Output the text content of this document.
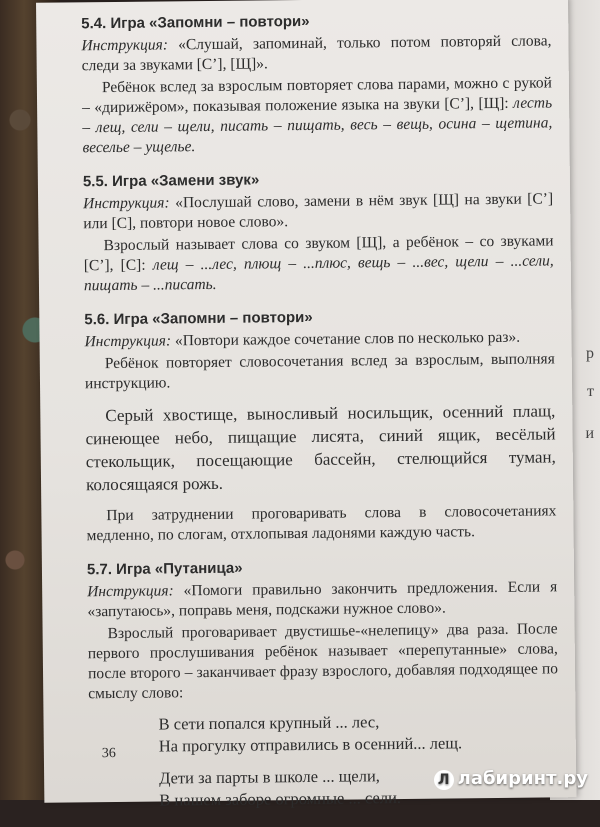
р
т
и

5.4. Игра «Запомни – повтори»

Инструкция: «Слушай, запоминай, только потом повторяй слова, следи за звуками [С’], [Щ]».

Ребёнок вслед за взрослым повторяет слова парами, можно с рукой – «дирижёром», показывая положение языка на звуки [С’], [Щ]: лесть – лещ, сели – щели, писать – пищать, весь – вещь, осина – щетина, веселье – ущелье.

5.5. Игра «Замени звук»

Инструкция: «Послушай слово, замени в нём звук [Щ] на звуки [С’] или [С], повтори новое слово».

Взрослый называет слова со звуком [Щ], а ребёнок – со звуками [С’], [С]: лещ – ...лес, плющ – ...плюс, вещь – ...вес, щели – ...сели, пищать – ...писать.

5.6. Игра «Запомни – повтори»

Инструкция: «Повтори каждое сочетание слов по несколько раз».

Ребёнок повторяет словосочетания вслед за взрослым, выполняя инструкцию.

Серый хвостище, выносливый носильщик, осенний плащ, синеющее небо, пищащие лисята, синий ящик, весёлый стекольщик, посещающие бассейн, стелющийся туман, колосящаяся рожь.

При затруднении проговаривать слова в словосочетаниях медленно, по слогам, отхлопывая ладонями каждую часть.

5.7. Игра «Путаница»

Инструкция: «Помоги правильно закончить предложения. Если я «запутаюсь», поправь меня, подскажи нужное слово».

Взрослый проговаривает двустишье-«нелепицу» два раза. После первого прослушивания ребёнок называет «перепутанные» слова, после второго – заканчивает фразу взрослого, добавляя подходящее по смыслу слово:

В сети попался крупный ... лес,
На прогулку отправились в осенний... лещ.
Дети за парты в школе ... щели,
В нашем заборе огромные ... сели.
36
Л лабиринт.ру
